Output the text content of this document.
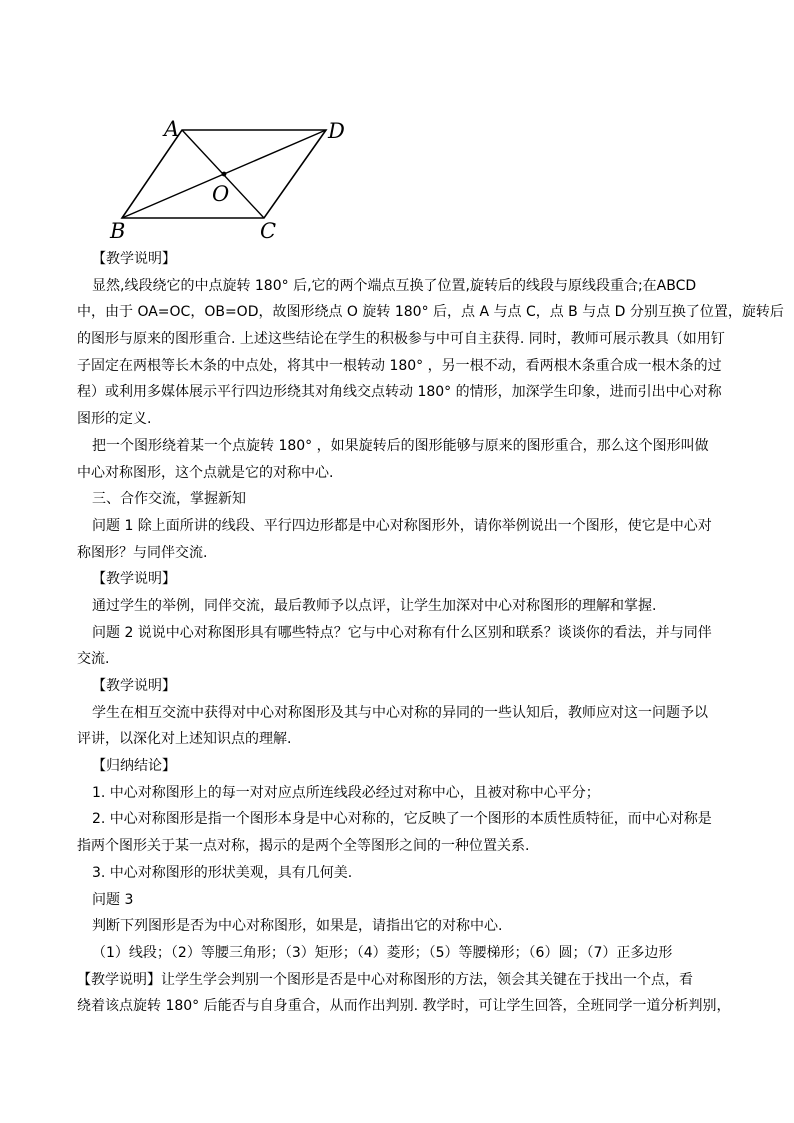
A	D
B	C
O
【教学说明】
显然,线段绕它的中点旋转 180° 后,它的两个端点互换了位置,旋转后的线段与原线段重合;在ABCD
中，由于 OA=OC，OB=OD，故图形绕点 O 旋转 180° 后，点 A 与点 C，点 B 与点 D 分别互换了位置，旋转后
的图形与原来的图形重合. 上述这些结论在学生的积极参与中可自主获得. 同时，教师可展示教具（如用钉
子固定在两根等长木条的中点处，将其中一根转动 180° ，另一根不动，看两根木条重合成一根木条的过
程）或利用多媒体展示平行四边形绕其对角线交点转动 180° 的情形，加深学生印象，进而引出中心对称
图形的定义.
把一个图形绕着某一个点旋转 180° ，如果旋转后的图形能够与原来的图形重合，那么这个图形叫做
中心对称图形，这个点就是它的对称中心.
三、合作交流，掌握新知
问题 1 除上面所讲的线段、平行四边形都是中心对称图形外，请你举例说出一个图形，使它是中心对
称图形？与同伴交流.
【教学说明】
通过学生的举例，同伴交流，最后教师予以点评，让学生加深对中心对称图形的理解和掌握.
问题 2 说说中心对称图形具有哪些特点？它与中心对称有什么区别和联系？谈谈你的看法，并与同伴
交流.
【教学说明】
学生在相互交流中获得对中心对称图形及其与中心对称的异同的一些认知后，教师应对这一问题予以
评讲，以深化对上述知识点的理解.
【归纳结论】
1. 中心对称图形上的每一对对应点所连线段必经过对称中心，且被对称中心平分；
2. 中心对称图形是指一个图形本身是中心对称的，它反映了一个图形的本质性质特征，而中心对称是
指两个图形关于某一点对称，揭示的是两个全等图形之间的一种位置关系.
3. 中心对称图形的形状美观，具有几何美.
问题 3
判断下列图形是否为中心对称图形，如果是，请指出它的对称中心.
（1）线段；（2）等腰三角形；（3）矩形；（4）菱形；（5）等腰梯形；（6）圆；（7）正多边形
【教学说明】让学生学会判别一个图形是否是中心对称图形的方法，领会其关键在于找出一个点，看
绕着该点旋转 180° 后能否与自身重合，从而作出判别. 教学时，可让学生回答，全班同学一道分析判别，
